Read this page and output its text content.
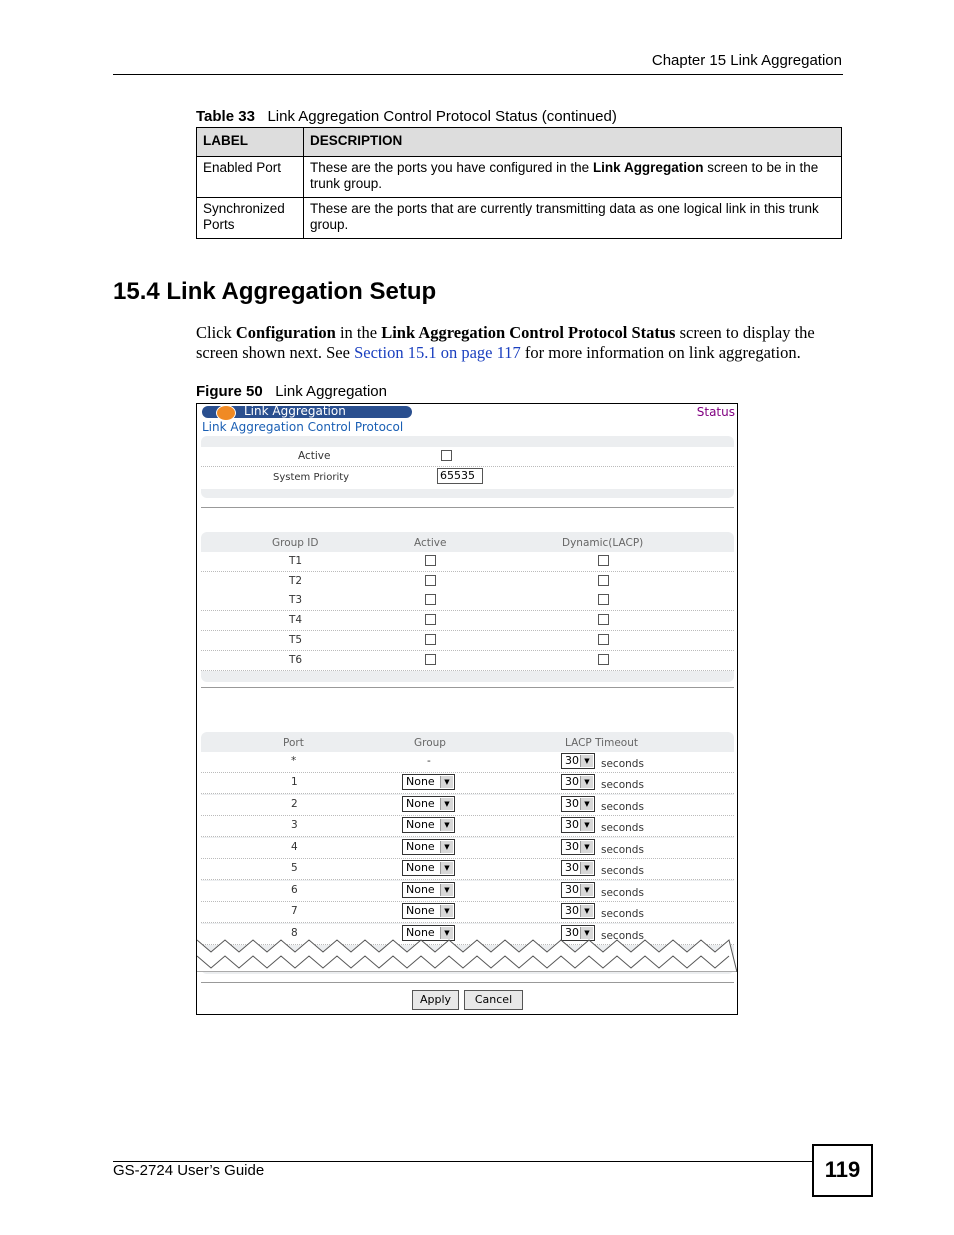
Chapter 15 Link Aggregation
Table 33 Link Aggregation Control Protocol Status (continued)
LABEL	DESCRIPTION
Enabled Port	These are the ports you have configured in the Link Aggregation screen to be in the trunk group.
Synchronized Ports	These are the ports that are currently transmitting data as one logical link in this trunk group.
15.4 Link Aggregation Setup
Click Configuration in the Link Aggregation Control Protocol Status screen to display the screen shown next. See Section 15.1 on page 117 for more information on link aggregation.
Figure 50 Link Aggregation
Link Aggregation	Status
Link Aggregation Control Protocol
Active
System Priority	65535
Group ID	Active	Dynamic(LACP)
T1
T2
T3
T4
T5
T6
Port	Group	LACP Timeout
*	-	30 ▼	seconds
1	None	▼	30 ▼	seconds
2	None	▼	30 ▼	seconds
3	None	▼	30 ▼	seconds
4	None	▼	30 ▼	seconds
5	None	▼	30 ▼	seconds
6	None	▼	30 ▼	seconds
7	None	▼	30 ▼	seconds
8	None	▼	30 ▼	seconds
Apply	Cancel
GS-2724 User’s Guide	119
